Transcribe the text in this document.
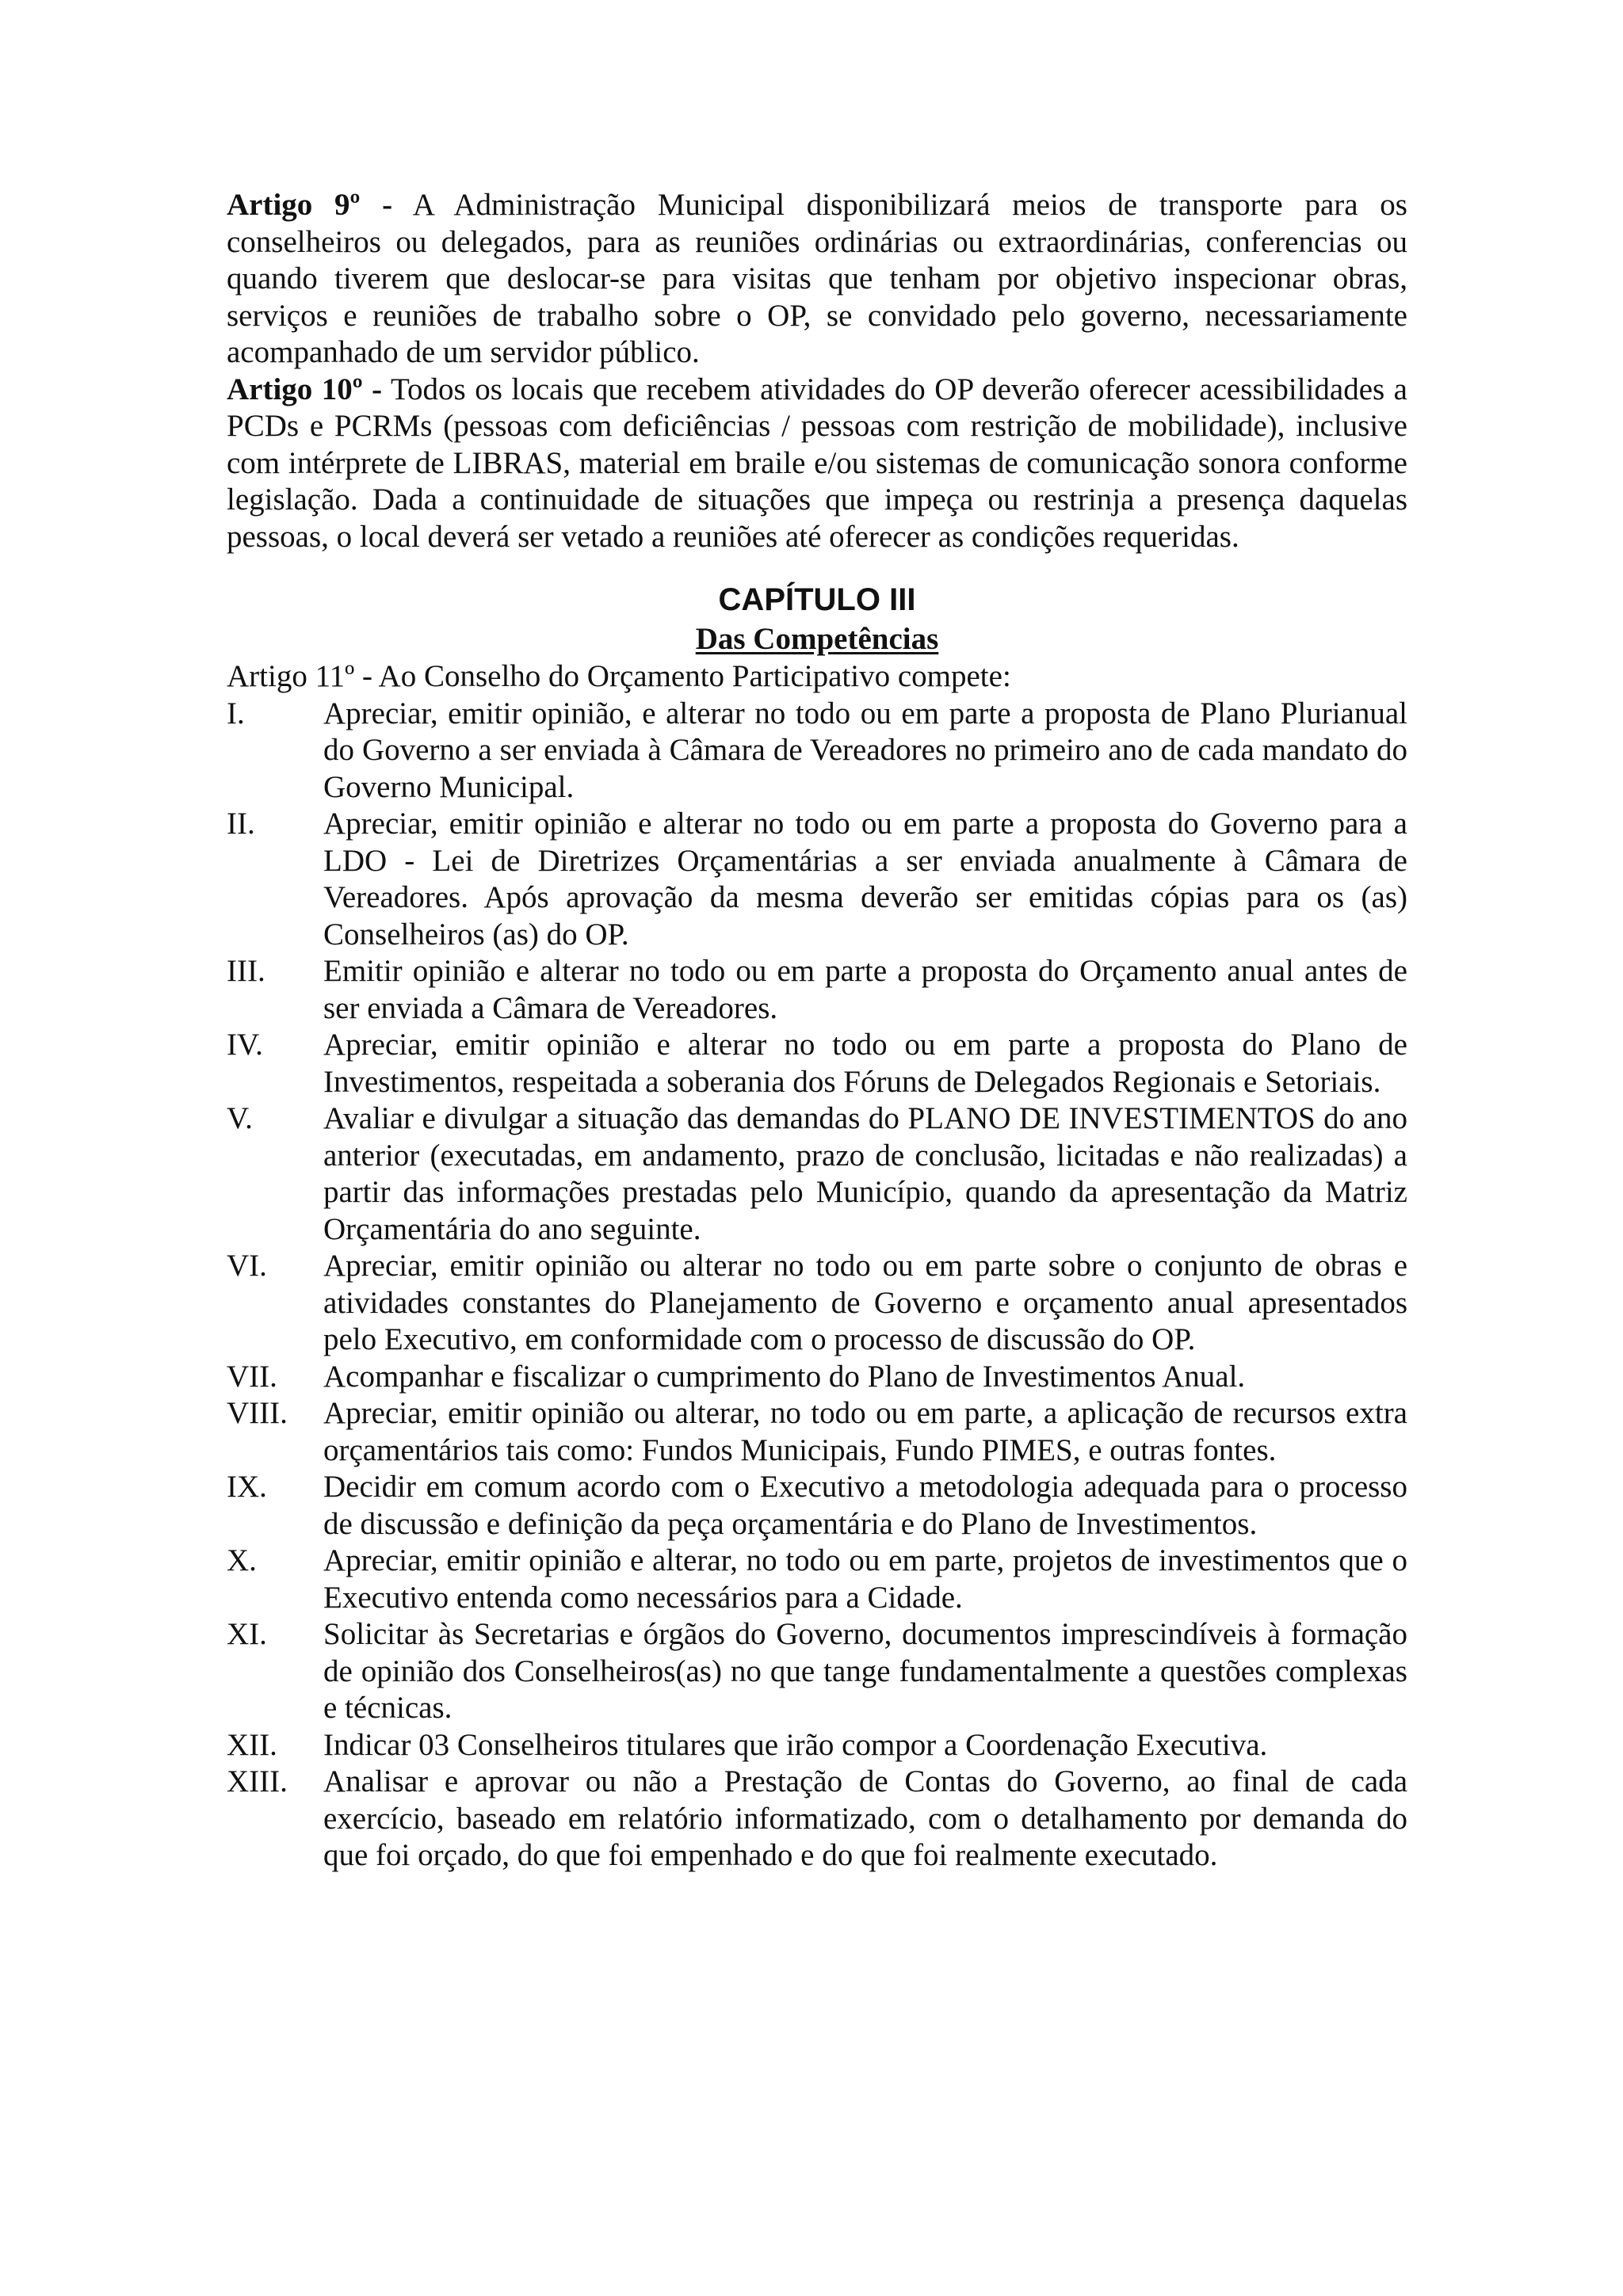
Artigo 9º - A Administração Municipal disponibilizará meios de transporte para os conselheiros ou delegados, para as reuniões ordinárias ou extraordinárias, conferencias ou quando tiverem que deslocar-se para visitas que tenham por objetivo inspecionar obras, serviços e reuniões de trabalho sobre o OP, se convidado pelo governo, necessariamente acompanhado de um servidor público.

Artigo 10º - Todos os locais que recebem atividades do OP deverão oferecer acessibilidades a PCDs e PCRMs (pessoas com deficiências / pessoas com restrição de mobilidade), inclusive com intérprete de LIBRAS, material em braile e/ou sistemas de comunicação sonora conforme legislação. Dada a continuidade de situações que impeça ou restrinja a presença daquelas pessoas, o local deverá ser vetado a reuniões até oferecer as condições requeridas.

CAPÍTULO III
Das Competências

Artigo 11º - Ao Conselho do Orçamento Participativo compete:

I.	Apreciar, emitir opinião, e alterar no todo ou em parte a proposta de Plano Plurianual do Governo a ser enviada à Câmara de Vereadores no primeiro ano de cada mandato do Governo Municipal.
II.	Apreciar, emitir opinião e alterar no todo ou em parte a proposta do Governo para a LDO - Lei de Diretrizes Orçamentárias a ser enviada anualmente à Câmara de Vereadores. Após aprovação da mesma deverão ser emitidas cópias para os (as) Conselheiros (as) do OP.
III.	Emitir opinião e alterar no todo ou em parte a proposta do Orçamento anual antes de ser enviada a Câmara de Vereadores.
IV.	Apreciar, emitir opinião e alterar no todo ou em parte a proposta do Plano de Investimentos, respeitada a soberania dos Fóruns de Delegados Regionais e Setoriais.
V.	Avaliar e divulgar a situação das demandas do PLANO DE INVESTIMENTOS do ano anterior (executadas, em andamento, prazo de conclusão, licitadas e não realizadas) a partir das informações prestadas pelo Município, quando da apresentação da Matriz Orçamentária do ano seguinte.
VI. Apreciar, emitir opinião ou alterar no todo ou em parte sobre o conjunto de obras e atividades constantes do Planejamento de Governo e orçamento anual apresentados pelo Executivo, em conformidade com o processo de discussão do OP.
VII. Acompanhar e fiscalizar o cumprimento do Plano de Investimentos Anual.
VIII. Apreciar, emitir opinião ou alterar, no todo ou em parte, a aplicação de recursos extra orçamentários tais como: Fundos Municipais, Fundo PIMES, e outras fontes.
IX. Decidir em comum acordo com o Executivo a metodologia adequada para o processo de discussão e definição da peça orçamentária e do Plano de Investimentos.
X.	Apreciar, emitir opinião e alterar, no todo ou em parte, projetos de investimentos que o Executivo entenda como necessários para a Cidade.
XI. Solicitar às Secretarias e órgãos do Governo, documentos imprescindíveis à formação de opinião dos Conselheiros(as) no que tange fundamentalmente a questões complexas e técnicas.
XII. Indicar 03 Conselheiros titulares que irão compor a Coordenação Executiva.
XIII. Analisar e aprovar ou não a Prestação de Contas do Governo, ao final de cada exercício, baseado em relatório informatizado, com o detalhamento por demanda do que foi orçado, do que foi empenhado e do que foi realmente executado.
